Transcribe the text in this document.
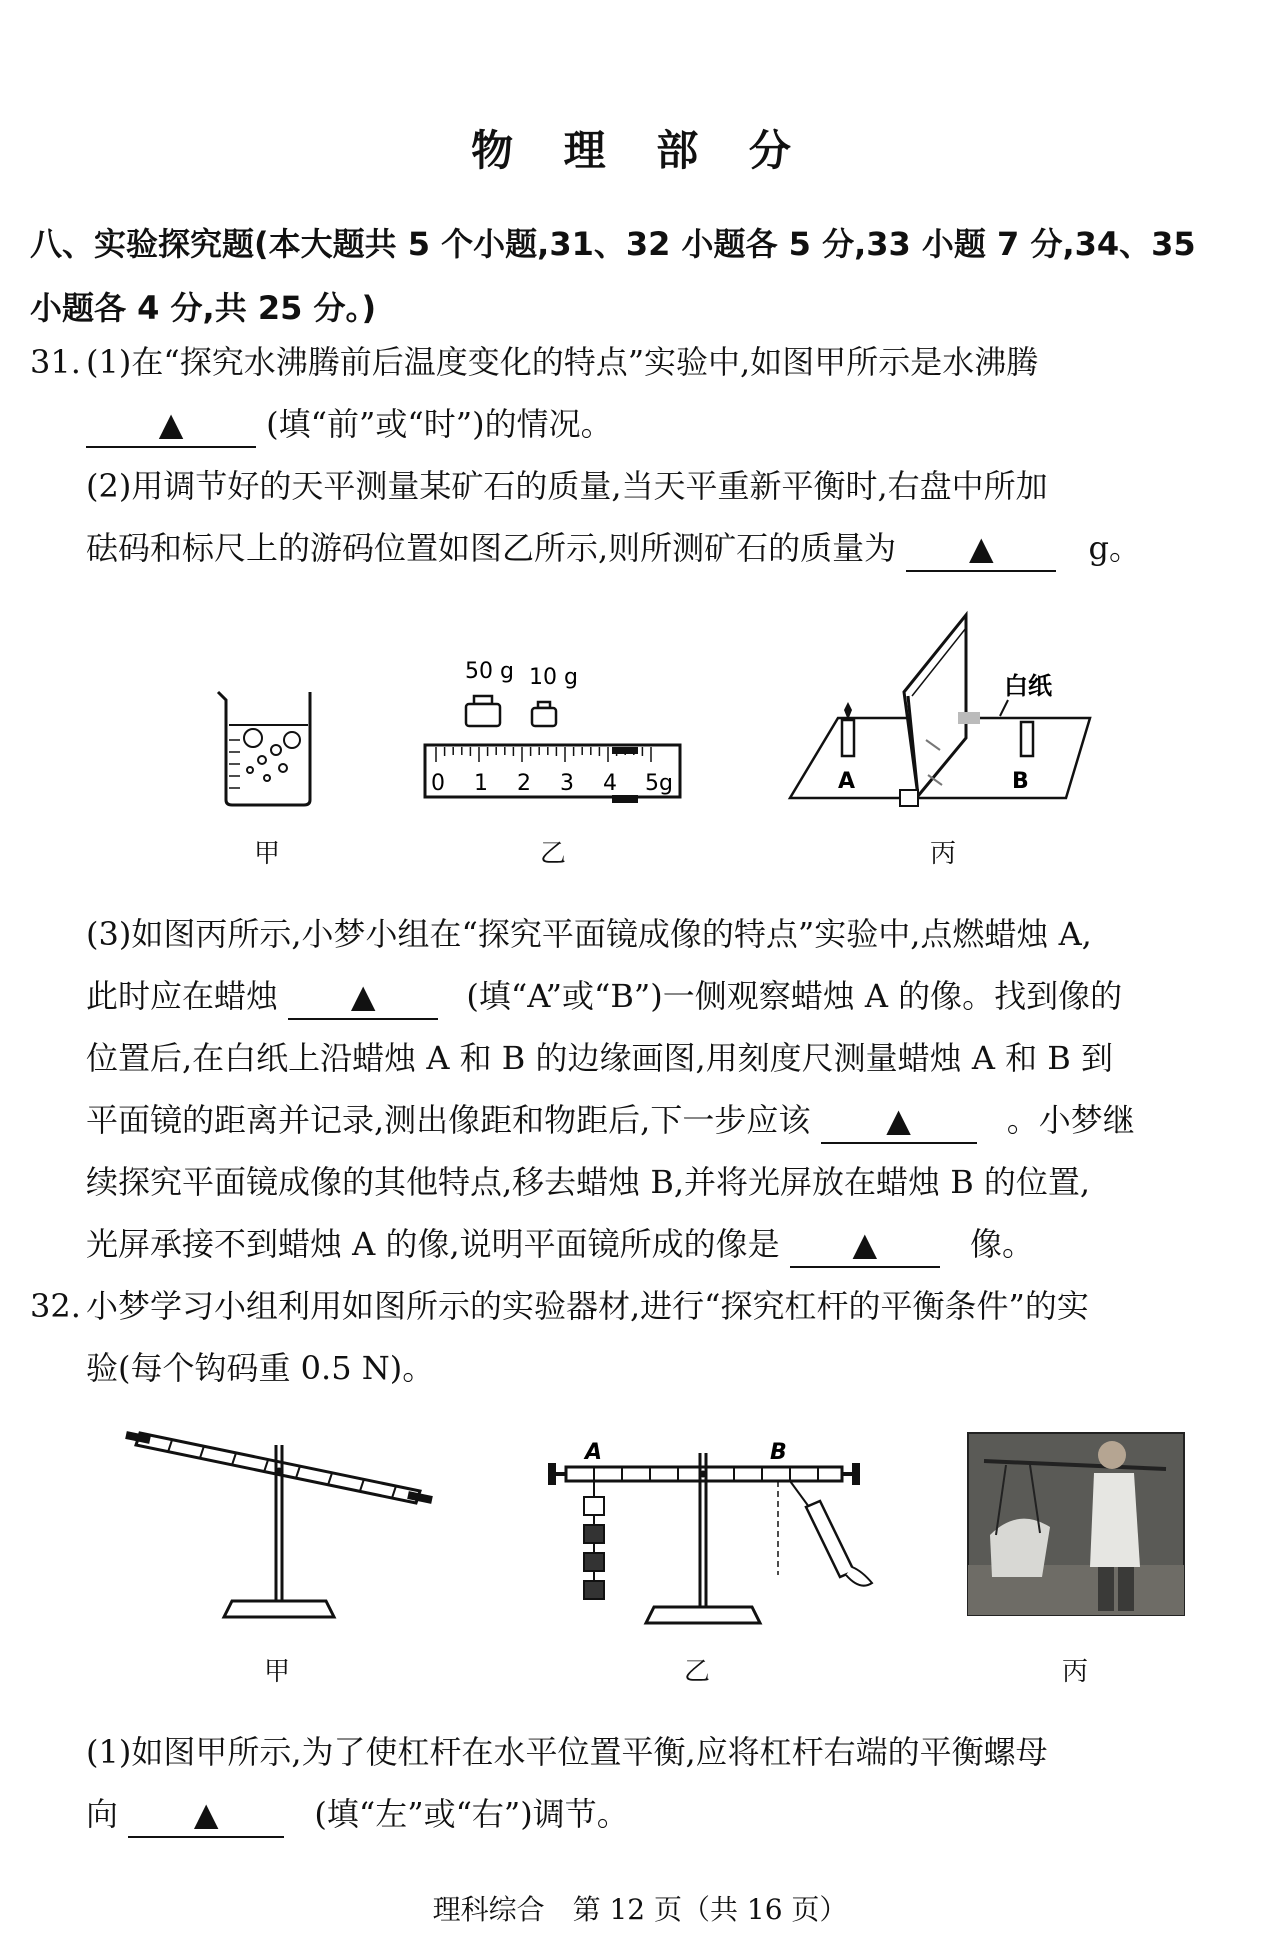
物 理 部 分
八、实验探究题(本大题共 5 个小题,31、32 小题各 5 分,33 小题 7 分,34、35
小题各 4 分,共 25 分。)
31. (1)在“探究水沸腾前后温度变化的特点”实验中,如图甲所示是水沸腾
▲	(填“前”或“时”)的情况。
(2)用调节好的天平测量某矿石的质量,当天平重新平衡时,右盘中所加
砝码和标尺上的游码位置如图乙所示,则所测矿石的质量为 ▲	g。
50 g 10 g
0 1 2 3 4 5g
白纸
A	B
甲	乙	丙
(3)如图丙所示,小梦小组在“探究平面镜成像的特点”实验中,点燃蜡烛 A,
此时应在蜡烛 ▲	(填“A”或“B”)一侧观察蜡烛 A 的像。找到像的
位置后,在白纸上沿蜡烛 A 和 B 的边缘画图,用刻度尺测量蜡烛 A 和 B 到
平面镜的距离并记录,测出像距和物距后,下一步应该 ▲	。小梦继
续探究平面镜成像的其他特点,移去蜡烛 B,并将光屏放在蜡烛 B 的位置,
光屏承接不到蜡烛 A 的像,说明平面镜所成的像是 ▲	像。
32. 小梦学习小组利用如图所示的实验器材,进行“探究杠杆的平衡条件”的实
验(每个钩码重 0.5 N)。
A	B
甲	乙	丙
(1)如图甲所示,为了使杠杆在水平位置平衡,应将杠杆右端的平衡螺母
向 ▲	(填“左”或“右”)调节。
理科综合　第 12 页（共 16 页）
